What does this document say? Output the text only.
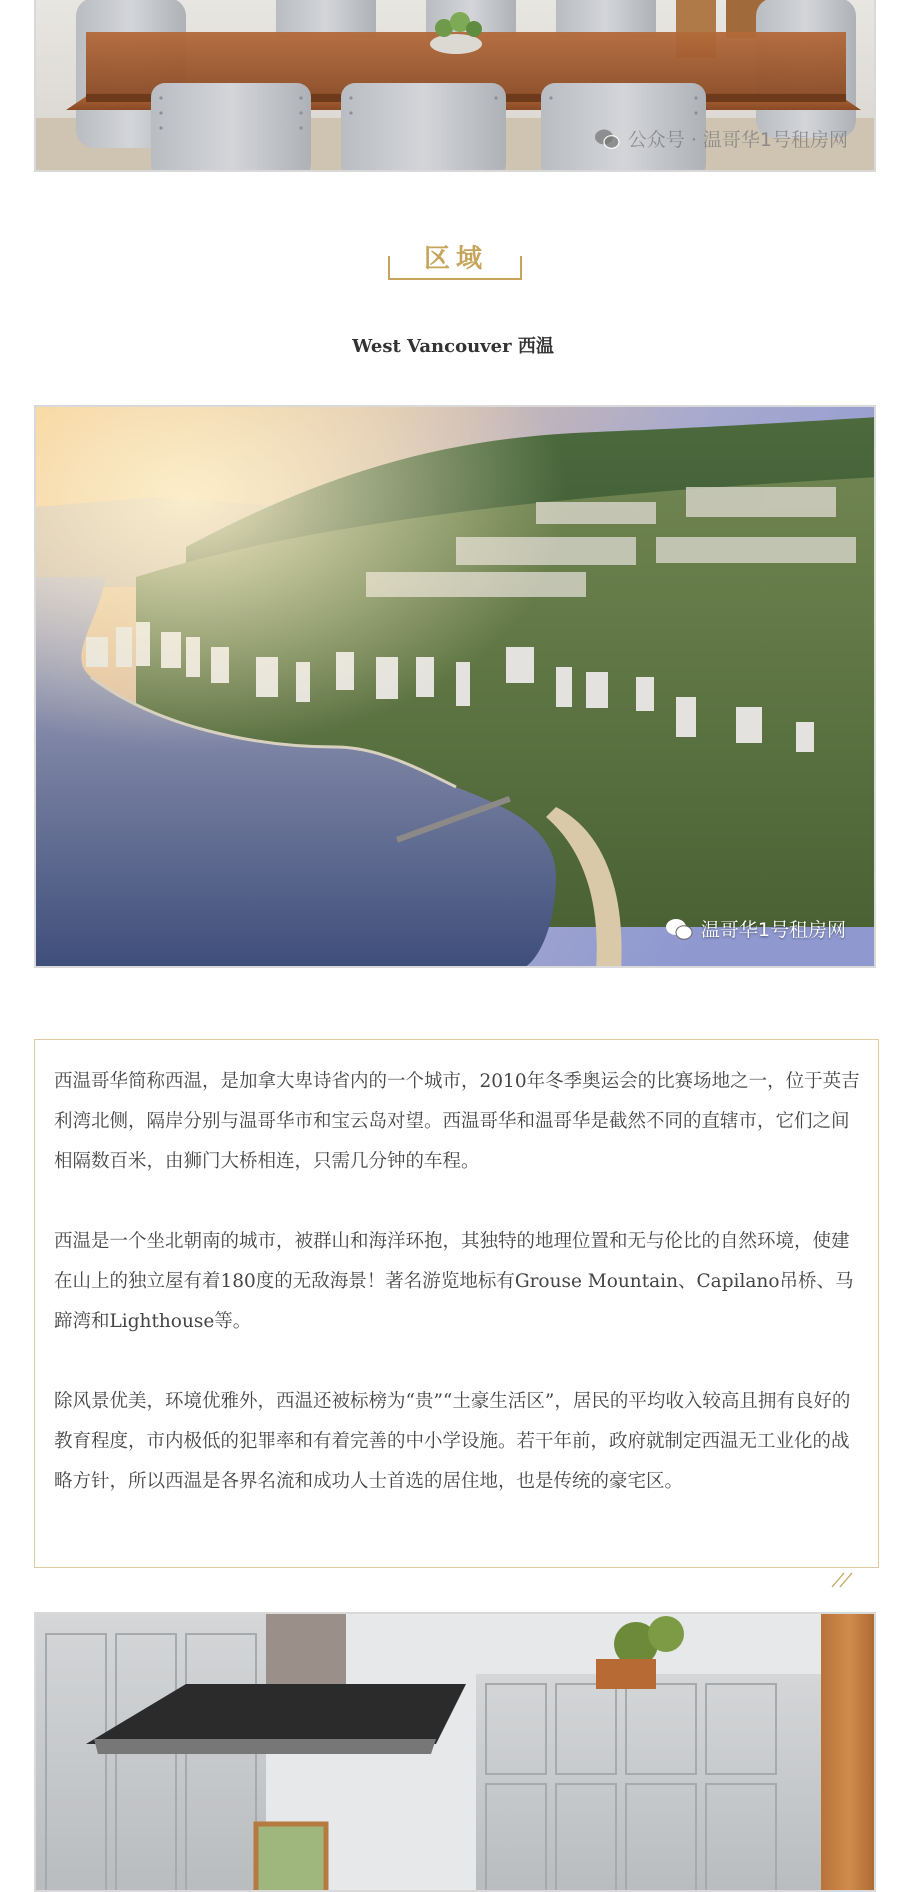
公众号 · 温哥华1号租房网
区域
West Vancouver 西温
温哥华1号租房网

西温哥华简称西温，是加拿大卑诗省内的一个城市，2010年冬季奥运会的比赛场地之一，位于英吉利湾北侧，隔岸分别与温哥华市和宝云岛对望。西温哥华和温哥华是截然不同的直辖市，它们之间相隔数百米，由狮门大桥相连，只需几分钟的车程。

西温是一个坐北朝南的城市，被群山和海洋环抱，其独特的地理位置和无与伦比的自然环境，使建在山上的独立屋有着180度的无敌海景！著名游览地标有Grouse Mountain、Capilano吊桥、马蹄湾和Lighthouse等。

除风景优美，环境优雅外，西温还被标榜为“贵”“土豪生活区”，居民的平均收入较高且拥有良好的教育程度，市内极低的犯罪率和有着完善的中小学设施。若干年前，政府就制定西温无工业化的战略方针，所以西温是各界名流和成功人士首选的居住地，也是传统的豪宅区。
